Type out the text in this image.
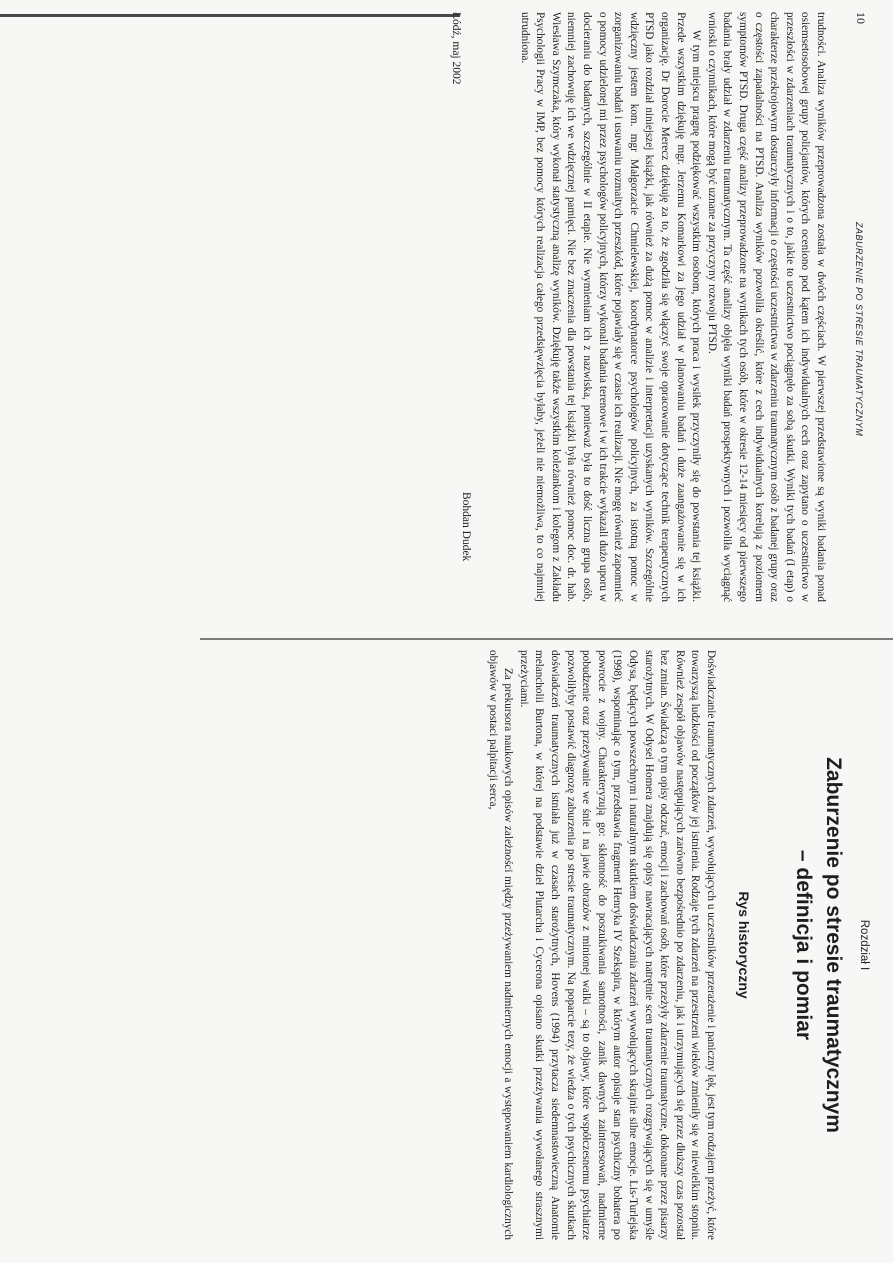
10
ZABURZENIE PO STRESIE TRAUMATYCZNYM

trudności. Analiza wyników przeprowadzona została w dwóch częściach. W pierwszej przedstawione są wyniki badania ponad osiemsetosobowej grupy policjantów, których oceniono pod kątem ich indywidualnych cech oraz zapytano o uczestnictwo w przeszłości w zdarzeniach traumatycznych i o to, jakie to uczestnictwo pociągnęło za sobą skutki. Wyniki tych badań (I etap) o charakterze przekrojowym dostarczyły informacji o częstości uczestnictwa w zdarzeniu traumatycznym osób z badanej grupy oraz o częstości zapadalności na PTSD. Analiza wyników pozwoliła określić, które z cech indywidualnych korelują z poziomem symptomów PTSD. Druga część analizy przeprowadzone na wynikach tych osób, które w okresie 12-14 miesięcy od pierwszego badania brały udział w zdarzeniu traumatycznym. Ta część analizy objęła wyniki badań prospektywnych i pozwoliła wyciągnąć wnioski o czynnikach, które mogą być uznane za przyczyny rozwoju PTSD.

W tym miejscu pragnę podziękować wszystkim osobom, których praca i wysiłek przyczyniły się do powstania tej książki. Przede wszystkim dziękuję mgr. Jerzemu Komarkowi za jego udział w planowaniu badań i duże zaangażowanie się w ich organizację. Dr Dorocie Merecz dziękuję za to, że zgodziła się włączyć swoje opracowanie dotyczące technik terapeutycznych PTSD jako rozdział niniejszej książki, jak również za dużą pomoc w analizie i interpretacji uzyskanych wyników. Szczególnie wdzięczny jestem kom. mgr Małgorzacie Chmielewskiej, koordynatorce psychologów policyjnych, za istotną pomoc w zorganizowaniu badań i usuwaniu rozmaitych przeszkód, które pojawiały się w czasie ich realizacji. Nie mogę również zapomnieć o pomocy udzielonej mi przez psychologów policyjnych, którzy wykonali badania terenowe i w ich trakcie wykazali dużo uporu w docieraniu do badanych, szczególnie w II etapie. Nie wymieniam ich z nazwiska, ponieważ była to dość liczna grupa osób, niemniej zachowuję ich we wdzięcznej pamięci. Nie bez znaczenia dla powstania tej książki była również pomoc doc. dr. hab. Wiesława Szymczaka, który wykonał statystyczną analizę wyników. Dziękuję także wszystkim koleżankom i kolegom z Zakładu Psychologii Pracy w IMP, bez pomocy których realizacja całego przedsięwzięcia byłaby, jeżeli nie niemożliwa, to co najmniej utrudniona.

Łódź, maj 2002
Bohdan Dudek
Rozdział I
Zaburzenie po stresie traumatycznym
– definicja i pomiar
Rys historyczny

Doświadczanie traumatycznych zdarzeń, wywołujących u uczestników przerażenie i paniczny lęk, jest tym rodzajem przeżyć, które towarzyszą ludzkości od początków jej istnienia. Rodzaje tych zdarzeń na przestrzeni wieków zmieniły się w niewielkim stopniu. Również zespół objawów następujących zarówno bezpośrednio po zdarzeniu, jak i utrzymujących się przez dłuższy czas pozostał bez zmian. Świadczą o tym opisy odczuć, emocji i zachowań osób, które przeżyły zdarzenie traumatyczne, dokonane przez pisarzy starożytnych. W Odysei Homera znajdują się opisy nawracających natrętnie scen traumatycznych rozgrywających się w umyśle Odysa, będących powszechnym i naturalnym skutkiem doświadczania zdarzeń wywołujących skrajnie silne emocje. Lis-Turlejska (1998), wspominając o tym, przedstawia fragment Henryka IV Szekspira, w którym autor opisuje stan psychiczny bohatera po powrocie z wojny. Charakteryzują go: skłonność do poszukiwania samotności, zanik dawnych zainteresowań, nadmierne pobudzenie oraz przeżywanie we śnie i na jawie obrazów z minionej walki – są to objawy, które współczesnemu psychiatrze pozwoliłyby postawić diagnozę zaburzenia po stresie traumatycznym. Na poparcie tezy, że wiedza o tych psychicznych skutkach doświadczeń traumatycznych istniała już w czasach starożytnych, Hovens (1994) przytacza siedemnastowieczną Anatomie melancholii Burtona, w której na podstawie dzieł Plutarcha i Cycerona opisano skutki przeżywania wywołanego strasznymi przeżyciami.

Za prekursora naukowych opisów zależności między przeżywaniem nadmiernych emocji a występowaniem kardiologicznych objawów w postaci palpitacji serca,
